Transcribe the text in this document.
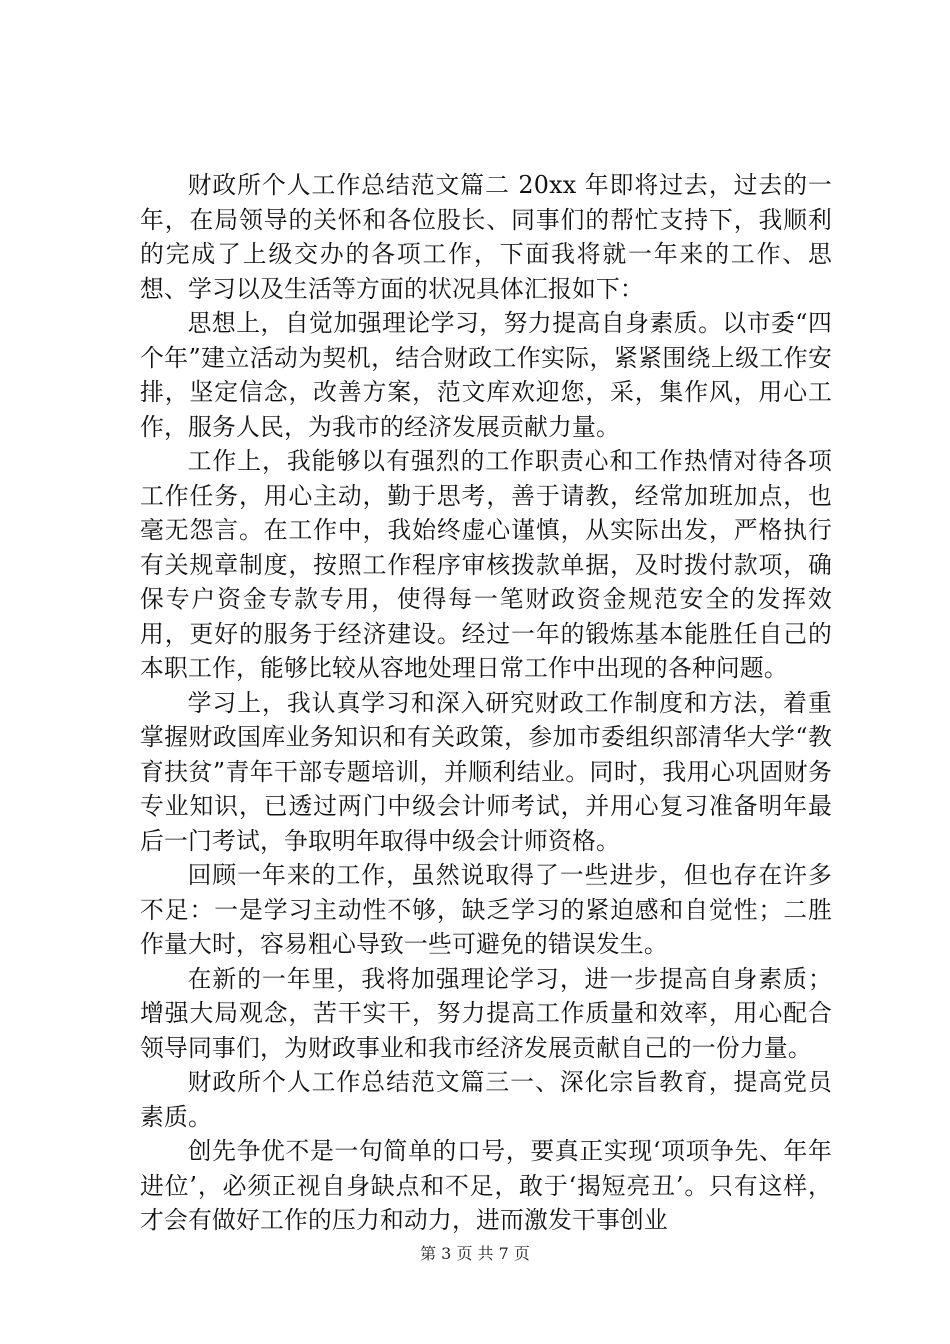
财政所个人工作总结范文篇二 20xx 年即将过去，过去的一年，在局领导的关怀和各位股长、同事们的帮忙支持下，我顺利的完成了上级交办的各项工作，下面我将就一年来的工作、思想、学习以及生活等方面的状况具体汇报如下：

思想上，自觉加强理论学习，努力提高自身素质。以市委“四个年”建立活动为契机，结合财政工作实际，紧紧围绕上级工作安排，坚定信念，改善方案，范文库欢迎您，采，集作风，用心工作，服务人民，为我市的经济发展贡献力量。

工作上，我能够以有强烈的工作职责心和工作热情对待各项工作任务，用心主动，勤于思考，善于请教，经常加班加点，也毫无怨言。在工作中，我始终虚心谨慎，从实际出发，严格执行有关规章制度，按照工作程序审核拨款单据，及时拨付款项，确保专户资金专款专用，使得每一笔财政资金规范安全的发挥效用，更好的服务于经济建设。经过一年的锻炼基本能胜任自己的本职工作，能够比较从容地处理日常工作中出现的各种问题。

学习上，我认真学习和深入研究财政工作制度和方法，着重掌握财政国库业务知识和有关政策，参加市委组织部清华大学“教育扶贫”青年干部专题培训，并顺利结业。同时，我用心巩固财务专业知识，已透过两门中级会计师考试，并用心复习准备明年最后一门考试，争取明年取得中级会计师资格。

回顾一年来的工作，虽然说取得了一些进步，但也存在许多不足：一是学习主动性不够，缺乏学习的紧迫感和自觉性；二胜作量大时，容易粗心导致一些可避免的错误发生。

在新的一年里，我将加强理论学习，进一步提高自身素质；增强大局观念，苦干实干，努力提高工作质量和效率，用心配合领导同事们，为财政事业和我市经济发展贡献自己的一份力量。

财政所个人工作总结范文篇三一、深化宗旨教育，提高党员素质。

创先争优不是一句简单的口号，要真正实现‘项项争先、年年进位’，必须正视自身缺点和不足，敢于‘揭短亮丑’。只有这样，才会有做好工作的压力和动力，进而激发干事创业

第 3 页 共 7 页
